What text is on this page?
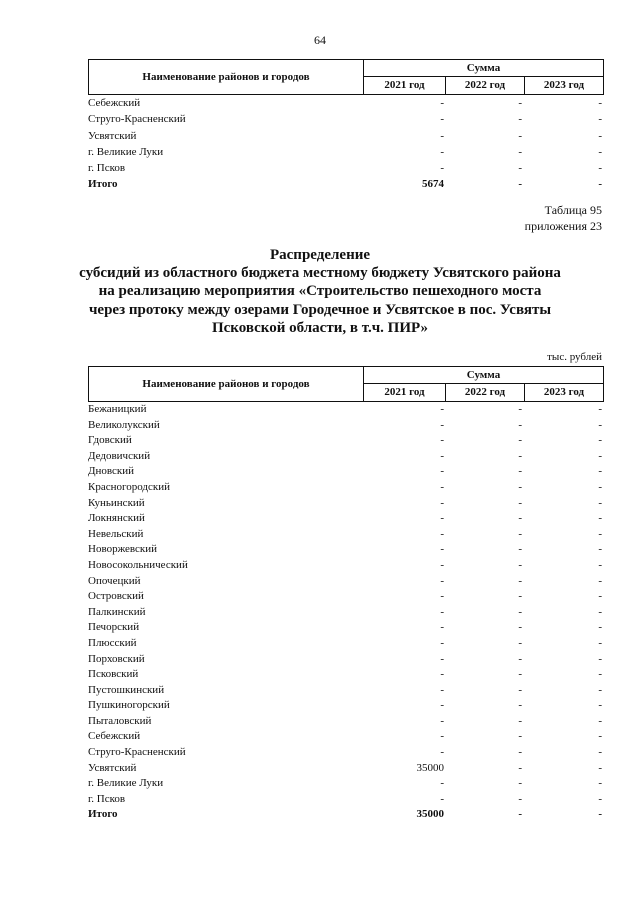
64
Наименование районов и городов
Сумма
2021 год	2022 год	2023 год
Себежский	-	-	-
Струго-Красненский	-	-	-
Усвятский	-	-	-
г. Великие Луки	-	-	-
г. Псков	-	-	-
Итого	5674	-	-
Таблица 95
приложения 23
Распределение
субсидий из областного бюджета местному бюджету Усвятского района
на реализацию мероприятия «Строительство пешеходного моста
через протоку между озерами Городечное и Усвятское в пос. Усвяты
Псковской области, в т.ч. ПИР»
тыс. рублей
Наименование районов и городов
Сумма
2021 год	2022 год	2023 год
Бежаницкий	-	-	-
Великолукский	-	-	-
Гдовский	-	-	-
Дедовичский	-	-	-
Дновский	-	-	-
Красногородский	-	-	-
Куньинский	-	-	-
Локнянский	-	-	-
Невельский	-	-	-
Новоржевский	-	-	-
Новосокольнический	-	-	-
Опочецкий	-	-	-
Островский	-	-	-
Палкинский	-	-	-
Печорский	-	-	-
Плюсский	-	-	-
Порховский	-	-	-
Псковский	-	-	-
Пустошкинский	-	-	-
Пушкиногорский	-	-	-
Пыталовский	-	-	-
Себежский	-	-	-
Струго-Красненский	-	-	-
Усвятский	35000	-	-
г. Великие Луки	-	-	-
г. Псков	-	-	-
Итого	35000	-	-
